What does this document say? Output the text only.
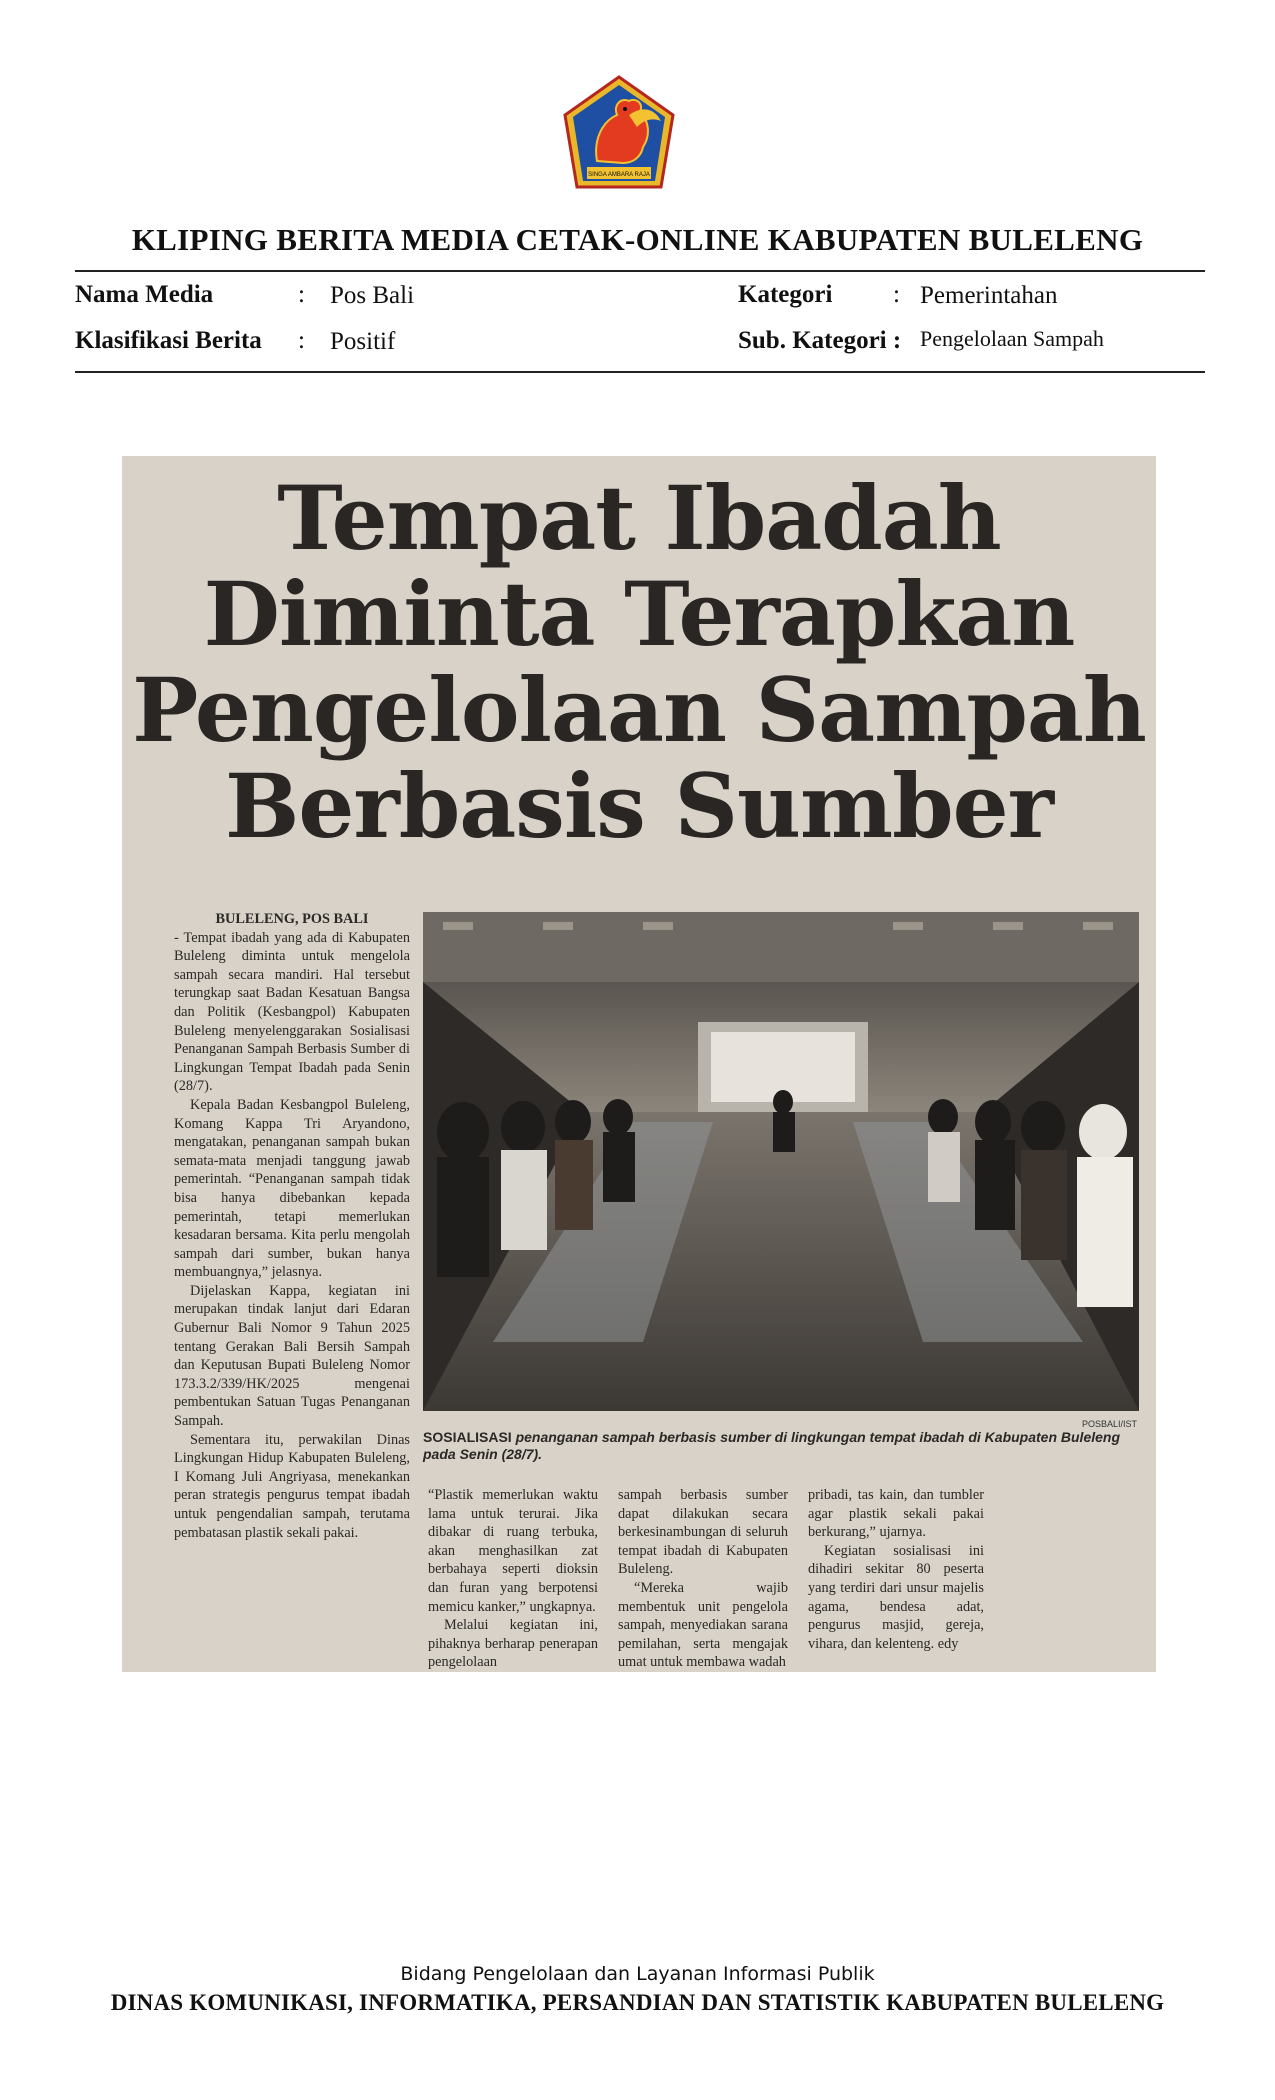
SINGA AMBARA RAJA
KLIPING BERITA MEDIA CETAK-ONLINE KABUPATEN BULELENG
Nama Media	: Pos Bali
Klasifikasi Berita : Positif
Kategori : Pemerintahan
Sub. Kategori : Pengelolaan Sampah
Tempat Ibadah
Diminta Terapkan
Pengelolaan Sampah
Berbasis Sumber

BULELENG, POS BALI

- Tempat ibadah yang ada di Kabupaten Buleleng diminta untuk mengelola sampah secara mandiri. Hal tersebut terungkap saat Badan Kesatuan Bangsa dan Politik (Kesbangpol) Kabupaten Buleleng menyelenggarakan Sosialisasi Penanganan Sampah Berbasis Sumber di Lingkungan Tempat Ibadah pada Senin (28/7).

Kepala Badan Kesbangpol Buleleng, Komang Kappa Tri Aryandono, mengatakan, penanganan sampah bukan semata-mata menjadi tanggung jawab pemerintah. “Penanganan sampah tidak bisa hanya dibebankan kepada pemerintah, tetapi memerlukan kesadaran bersama. Kita perlu mengolah sampah dari sumber, bukan hanya membuangnya,” jelasnya.

Dijelaskan Kappa, kegiatan ini merupakan tindak lanjut dari Edaran Gubernur Bali Nomor 9 Tahun 2025 tentang Gerakan Bali Bersih Sampah dan Keputusan Bupati Buleleng Nomor 173.3.2/339/HK/2025 mengenai pembentukan Satuan Tugas Penanganan Sampah.

Sementara itu, perwakilan Dinas Lingkungan Hidup Kabupaten Buleleng, I Komang Juli Angriyasa, menekankan peran strategis pengurus tempat ibadah untuk pengendalian sampah, terutama pembatasan plastik sekali pakai.

POSBALI/IST
SOSIALISASI penanganan sampah berbasis sumber di lingkungan tempat ibadah di Kabupaten Buleleng pada Senin (28/7).

“Plastik memerlukan waktu lama untuk terurai. Jika dibakar di ruang terbuka, akan menghasilkan zat berbahaya seperti dioksin dan furan yang berpotensi memicu kanker,” ungkapnya.

Melalui kegiatan ini, pihaknya berharap penerapan pengelolaan

sampah berbasis sumber dapat dilakukan secara berkesinambungan di seluruh tempat ibadah di Kabupaten Buleleng.

“Mereka wajib membentuk unit pengelola sampah, menyediakan sarana pemilahan, serta mengajak umat untuk membawa wadah

pribadi, tas kain, dan tumbler agar plastik sekali pakai berkurang,” ujarnya.

Kegiatan sosialisasi ini dihadiri sekitar 80 peserta yang terdiri dari unsur majelis agama, bendesa adat, pengurus masjid, gereja, vihara, dan kelenteng. edy

Bidang Pengelolaan dan Layanan Informasi Publik
DINAS KOMUNIKASI, INFORMATIKA, PERSANDIAN DAN STATISTIK KABUPATEN BULELENG
